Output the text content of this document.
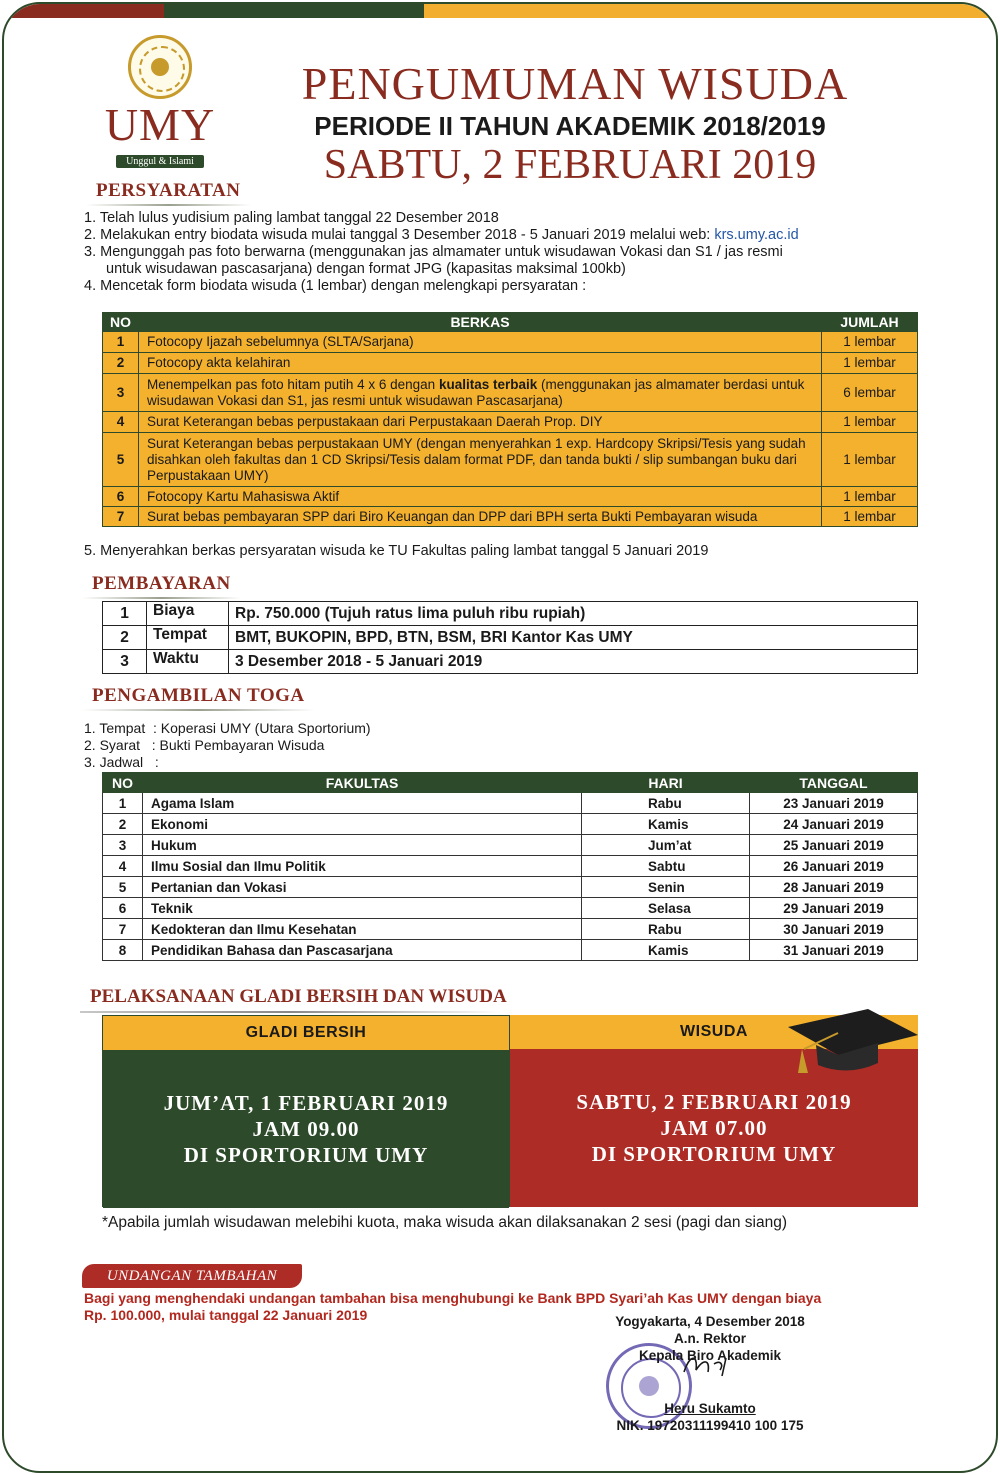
UMY
Unggul & Islami
PENGUMUMAN WISUDA
PERIODE II TAHUN AKADEMIK 2018/2019
SABTU, 2 FEBRUARI 2019
PERSYARATAN
1. Telah lulus yudisium paling lambat tanggal 22 Desember 2018
2. Melakukan entry biodata wisuda mulai tanggal 3 Desember 2018 - 5 Januari 2019 melalui web: krs.umy.ac.id
3. Mengunggah pas foto berwarna (menggunakan jas almamater untuk wisudawan Vokasi dan S1 / jas resmi
untuk wisudawan pascasarjana) dengan format JPG (kapasitas maksimal 100kb)
4. Mencetak form biodata wisuda (1 lembar) dengan melengkapi persyaratan :
NO	BERKAS	JUMLAH
1	Fotocopy Ijazah sebelumnya (SLTA/Sarjana)	1 lembar
2	Fotocopy akta kelahiran	1 lembar
3	Menempelkan pas foto hitam putih 4 x 6 dengan kualitas terbaik (menggunakan jas almamater berdasi untuk wisudawan Vokasi dan S1, jas resmi untuk wisudawan Pascasarjana)	6 lembar
4	Surat Keterangan bebas perpustakaan dari Perpustakaan Daerah Prop. DIY	1 lembar
5	Surat Keterangan bebas perpustakaan UMY (dengan menyerahkan 1 exp. Hardcopy Skripsi/Tesis yang sudah disahkan oleh fakultas dan 1 CD Skripsi/Tesis dalam format PDF, dan tanda bukti / slip sumbangan buku dari Perpustakaan UMY)	1 lembar
6	Fotocopy Kartu Mahasiswa Aktif	1 lembar
7	Surat bebas pembayaran SPP dari Biro Keuangan dan DPP dari BPH serta Bukti Pembayaran wisuda	1 lembar
5. Menyerahkan berkas persyaratan wisuda ke TU Fakultas paling lambat tanggal 5 Januari 2019
PEMBAYARAN
1	Biaya	Rp. 750.000 (Tujuh ratus lima puluh ribu rupiah)
2	Tempat	BMT, BUKOPIN, BPD, BTN, BSM, BRI Kantor Kas UMY
3	Waktu	3 Desember 2018 - 5 Januari 2019
PENGAMBILAN TOGA
1. Tempat  : Koperasi UMY (Utara Sportorium)
2. Syarat   : Bukti Pembayaran Wisuda
3. Jadwal   :
NO	FAKULTAS	HARI	TANGGAL
1	Agama Islam	Rabu	23 Januari 2019
2	Ekonomi	Kamis	24 Januari 2019
3	Hukum	Jum’at	25 Januari 2019
4	Ilmu Sosial dan Ilmu Politik	Sabtu	26 Januari 2019
5	Pertanian dan Vokasi	Senin	28 Januari 2019
6	Teknik	Selasa	29 Januari 2019
7	Kedokteran dan Ilmu Kesehatan	Rabu	30 Januari 2019
8	Pendidikan Bahasa dan Pascasarjana	Kamis	31 Januari 2019
PELAKSANAAN GLADI BERSIH DAN WISUDA
GLADI BERSIH
JUM’AT, 1 FEBRUARI 2019
JAM 09.00
DI SPORTORIUM UMY
WISUDA
SABTU, 2 FEBRUARI 2019
JAM 07.00
DI SPORTORIUM UMY
*Apabila jumlah wisudawan melebihi kuota, maka wisuda akan dilaksanakan 2 sesi (pagi dan siang)
UNDANGAN TAMBAHAN
Bagi yang menghendaki undangan tambahan bisa menghubungi ke Bank BPD Syari’ah Kas UMY dengan biaya
Rp. 100.000, mulai tanggal 22 Januari 2019	Yogyakarta, 4 Desember 2018
A.n. Rektor
Kepala Biro Akademik
Heru Sukamto
NIK. 19720311199410 100 175
